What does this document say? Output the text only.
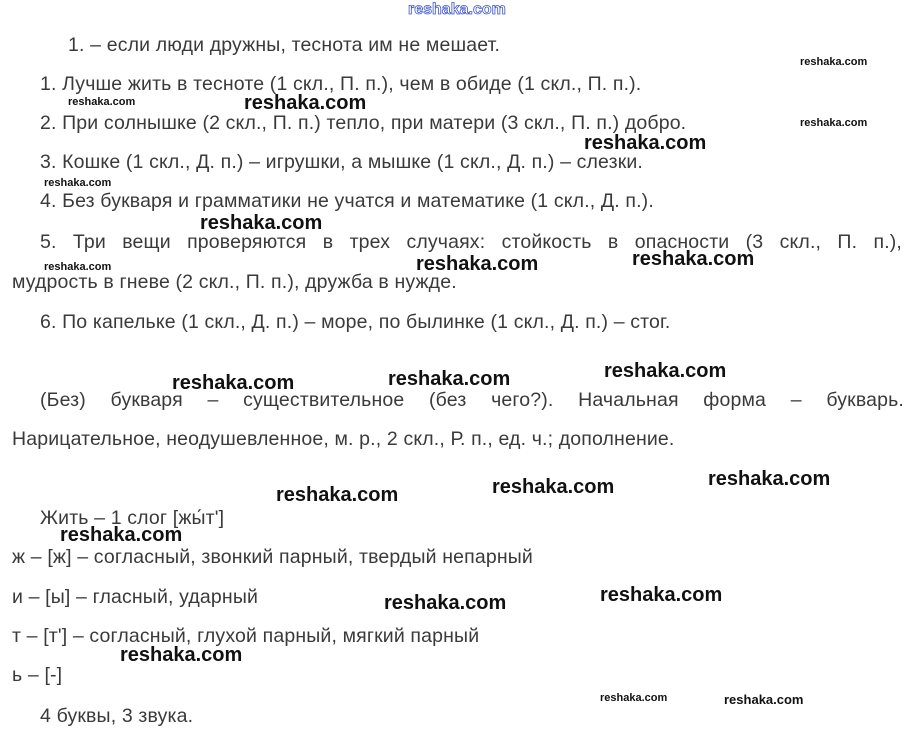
reshaka.com
1. – если люди дружны, теснота им не мешает.
1. Лучше жить в тесноте (1 скл., П. п.), чем в обиде (1 скл., П. п.).
2. При солнышке (2 скл., П. п.) тепло, при матери (3 скл., П. п.) добро.
3. Кошке (1 скл., Д. п.) – игрушки, а мышке (1 скл., Д. п.) – слезки.
4. Без букваря и грамматики не учатся и математике (1 скл., Д. п.).
5. Три вещи проверяются в трех случаях: стойкость в опасности (3 скл., П. п.),
мудрость в гневе (2 скл., П. п.), дружба в нужде.
6. По капельке (1 скл., Д. п.) – море, по былинке (1 скл., Д. п.) – стог.
(Без) букваря – существительное (без чего?). Начальная форма – букварь.
Нарицательное, неодушевленное, м. р., 2 скл., Р. п., ед. ч.; дополнение.
Жить – 1 слог [жы́т']
ж – [ж] – согласный, звонкий парный, твердый непарный
и – [ы] – гласный, ударный
т – [т'] – согласный, глухой парный, мягкий парный
ь – [-]
4 буквы, 3 звука.
reshaka.com
reshaka.com	reshaka.com
reshaka.com
reshaka.com
reshaka.com
reshaka.com
reshaka.com	reshaka.com	reshaka.com
reshaka.com	reshaka.com	reshaka.com
reshaka.com	reshaka.com	reshaka.com
reshaka.com
reshaka.com	reshaka.com
reshaka.com
reshaka.com	reshaka.com
